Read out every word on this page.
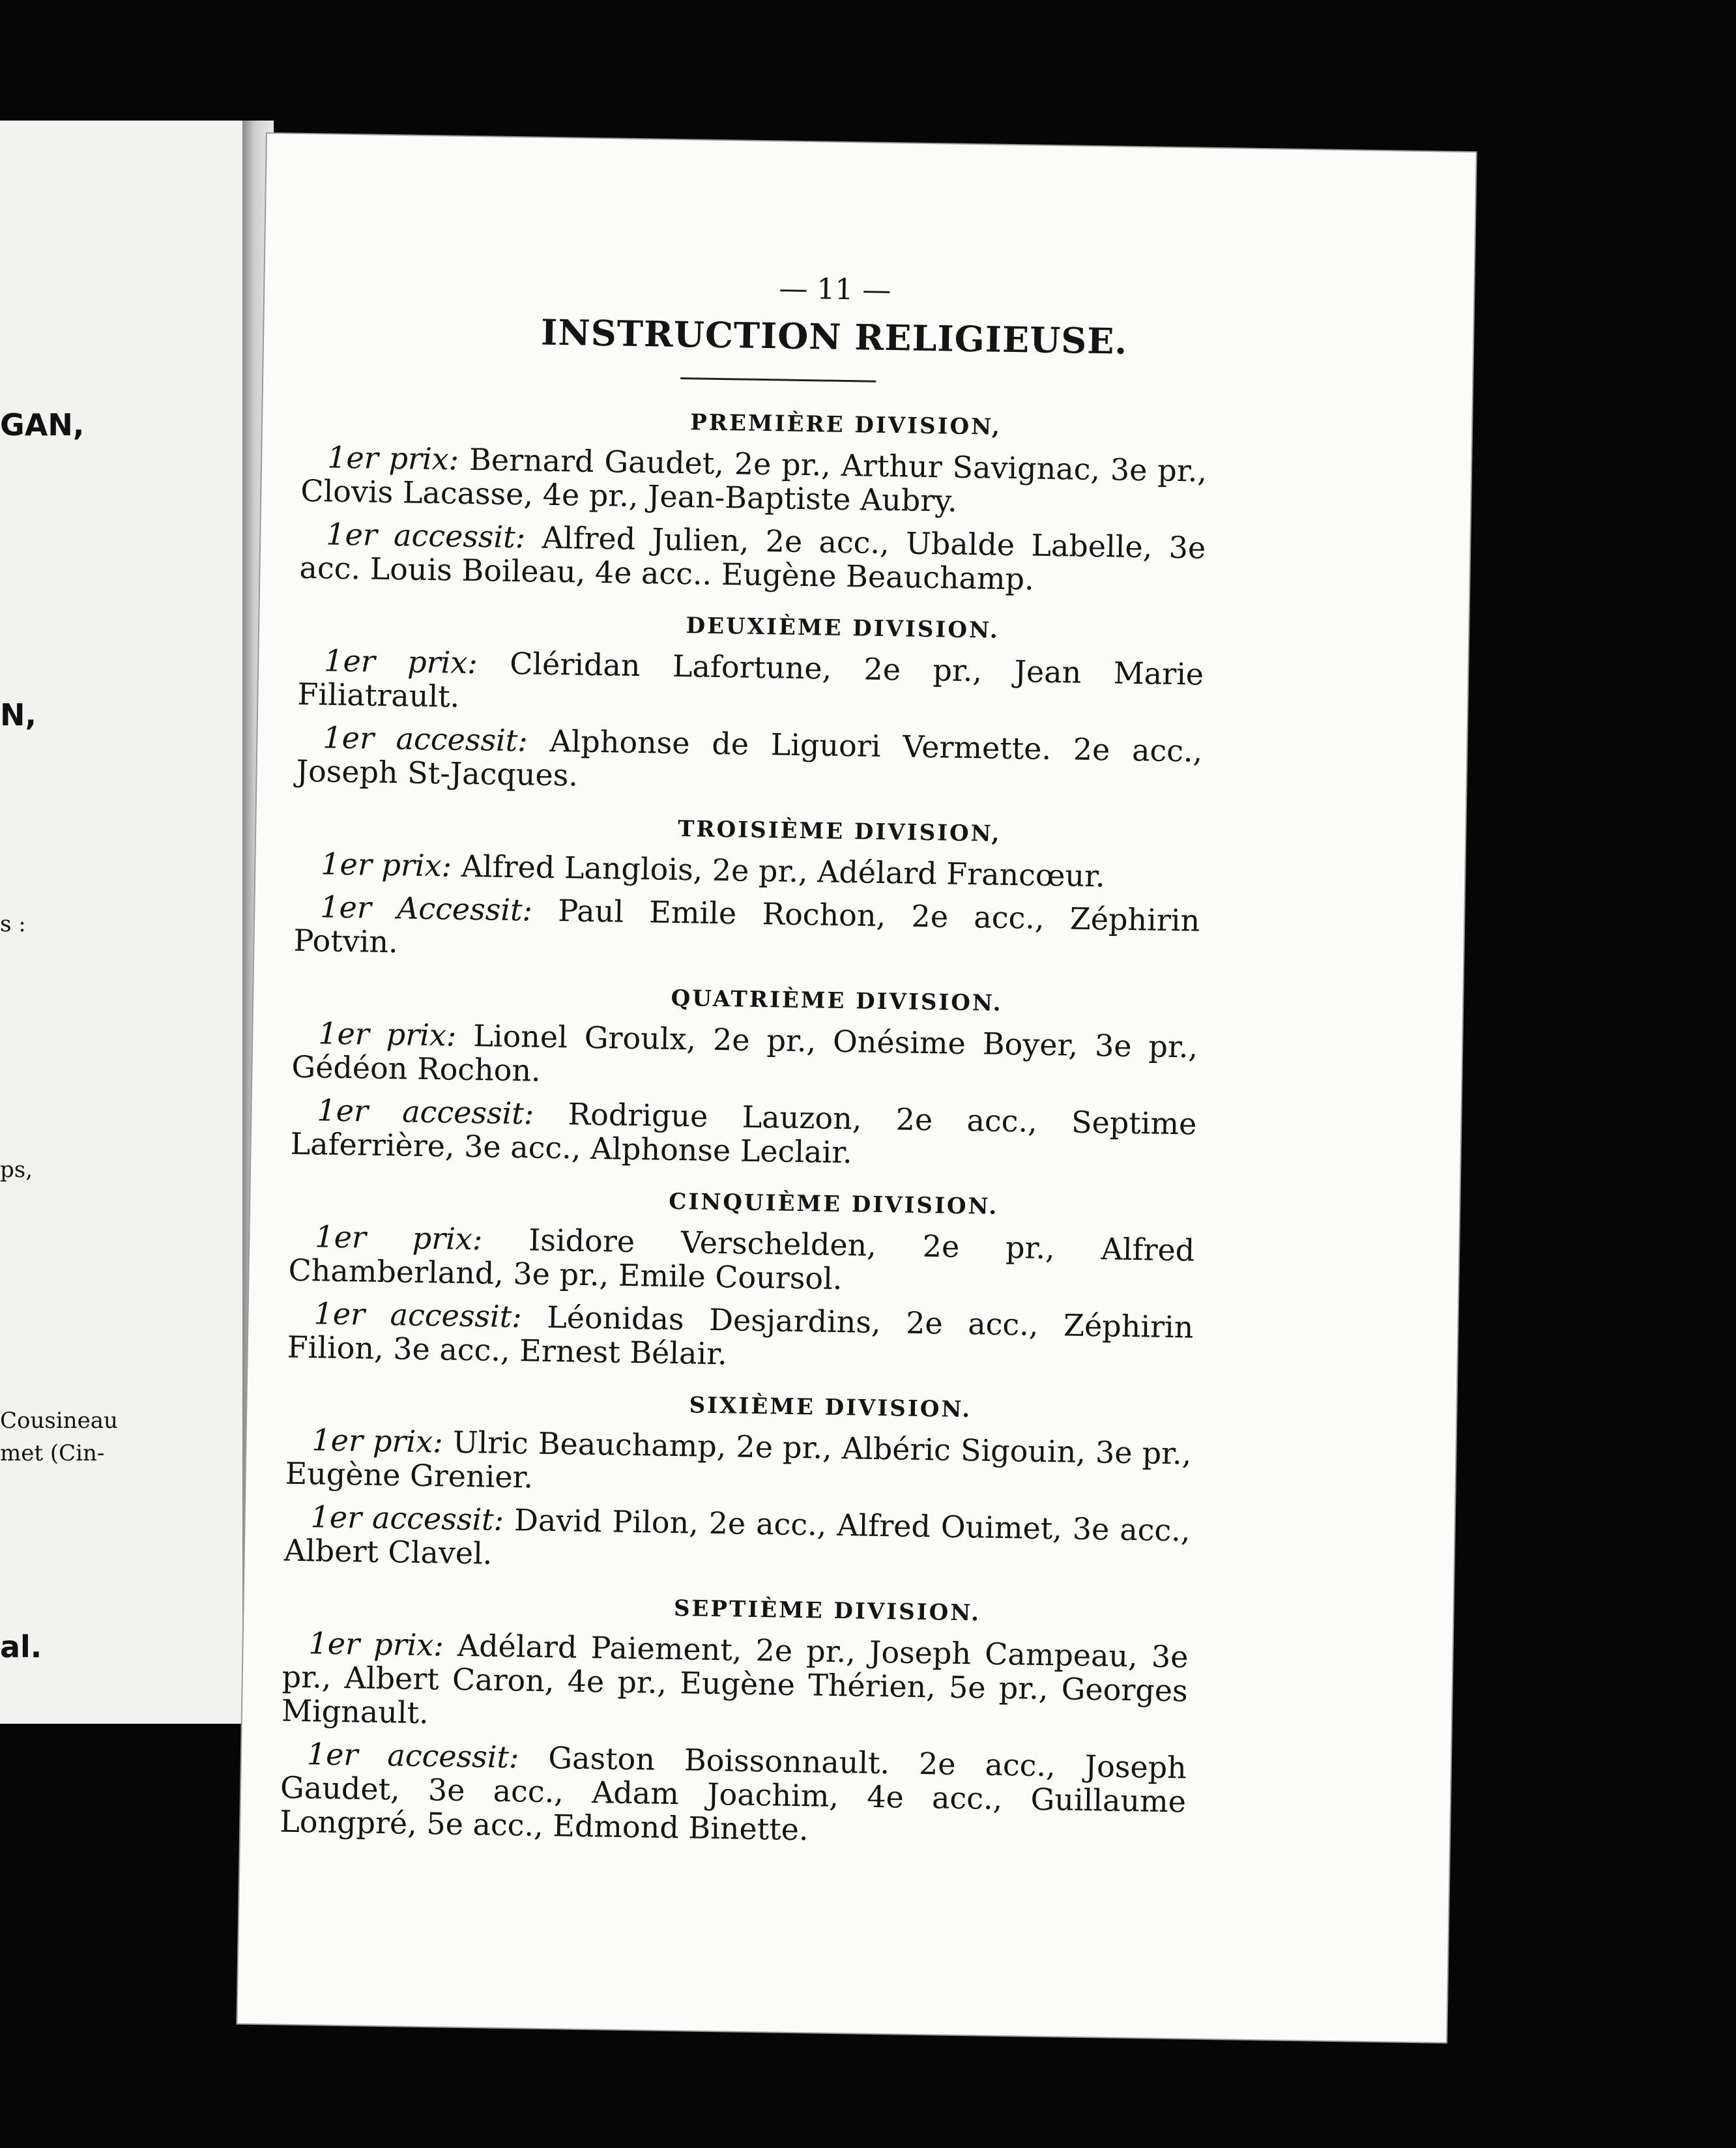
GAN,

N,

s :

ps,

Cousineau

met (Cin-

al.

— 11 —

INSTRUCTION RELIGIEUSE.
PREMIÈRE DIVISION,

1er prix: Bernard Gaudet, 2e pr., Arthur Savignac, 3e pr., Clovis Lacasse, 4e pr., Jean-Baptiste Aubry.

1er accessit: Alfred Julien, 2e acc., Ubalde Labelle, 3e acc. Louis Boileau, 4e acc.. Eugène Beauchamp.

DEUXIÈME DIVISION.

1er prix: Cléridan Lafortune, 2e pr., Jean Marie Filiatrault.

1er accessit: Alphonse de Liguori Vermette. 2e acc., Joseph St-Jacques.

TROISIÈME DIVISION,

1er prix: Alfred Langlois, 2e pr., Adélard Francœur.

1er Accessit: Paul Emile Rochon, 2e acc., Zéphirin Potvin.

QUATRIÈME DIVISION.

1er prix: Lionel Groulx, 2e pr., Onésime Boyer, 3e pr., Gédéon Rochon.

1er accessit: Rodrigue Lauzon, 2e acc., Septime Laferrière, 3e acc., Alphonse Leclair.

CINQUIÈME DIVISION.

1er prix: Isidore Verschelden, 2e pr., Alfred Chamberland, 3e pr., Emile Coursol.

1er accessit: Léonidas Desjardins, 2e acc., Zéphirin Filion, 3e acc., Ernest Bélair.

SIXIÈME DIVISION.

1er prix: Ulric Beauchamp, 2e pr., Albéric Sigouin, 3e pr., Eugène Grenier.

1er accessit: David Pilon, 2e acc., Alfred Ouimet, 3e acc., Albert Clavel.

SEPTIÈME DIVISION.

1er prix: Adélard Paiement, 2e pr., Joseph Campeau, 3e pr., Albert Caron, 4e pr., Eugène Thérien, 5e pr., Georges Mignault.

1er accessit: Gaston Boissonnault. 2e acc., Joseph Gaudet, 3e acc., Adam Joachim, 4e acc., Guillaume Longpré, 5e acc., Edmond Binette.
